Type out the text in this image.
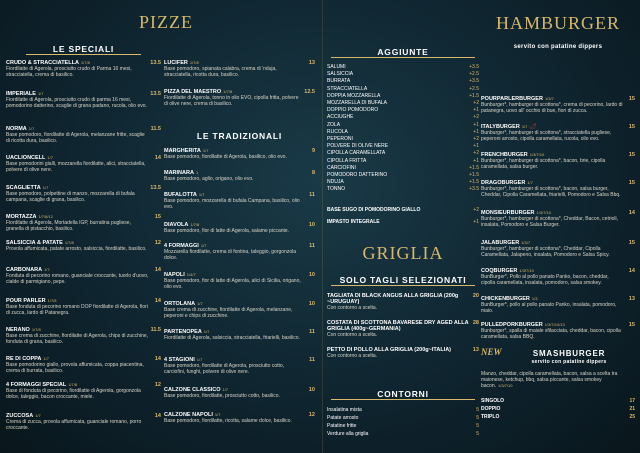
PIZZE
LE SPECIALI
CRUDO & STRACCIATELLA 1/7/8	13.5
Fiordilatte di Agerola, prosciutto crudo di Parma 16 mesi, stracciatella, crema di basilico.
IMPERIALE 1/7	13.5
Fiordilatte di Agerola, prosciutto crudo di parma 16 mesi, pomodorino datterino, scaglie di grana padano, rucola, olio evo.
NORMA 1/7	11.5
Base pomodoro, fiordilatte di Agerola, melanzane fritte, scaglie di ricotta dura, basilico.
UACLIONCELL 1/7	14
Base pomodorini gialli, mozzarella fiordilatte, alici, stracciatella, polvere di olive nere.
SCAGLIETTA 1/7	13.5
Base pomodoro, polpettine di manzo, mozzarella di bufala campana, scaglie di grana, basilico.
MORTAZZA 1/7/8/12	15
Fiordilatte di Agerola, Mortadella IGP, burratina pugliese, granella di pistacchio, basilico.
SALSICCIA & PATATE 1/7/8	12
Provola affumicata, patate arrosto, salsiccia, fiordilatte, basilico.
CARBONARA 1/7	14
Fonduta di pecorino romano, guanciale croccante, tuorlo d'uovo, cialde di parmigiano, pepe.
POUR PARLER 1/7/8	14
Base fonduta di pecorino romano DOP fiordilatte di Agerola, fiori di zucca, lardo di Patanegra.
NERANO 1/7/8	11.5
Base crema di zucchine, fiordilatte di Agerola, chips di zucchine, fonduta di grana, basilico.
RE DI COPPA 1/7	14
Base pomodorino giallo, provola affumicata, coppa piacentina, crema di burrata, basilico.
4 FORMAGGI SPECIAL 1/7/8	12
Base di fonduta di pecorino, fiordilatte di Agerola, gorgonzola dolce, taleggio, bacon croccante, miele.
ZUCCOSA 1/7	14
Crema di zucca, provola affumicata, guanciale romano, porro croccante.
LUCIFER 1/7/8	13
Base pomodoro, spianata calabra, crema di 'nduja, stracciatella, ricotta dura, basilico.
PIZZA DEL MAESTRO 1/7/8	12.5
Fiordilatte di Agerola, tonno in olio EVO, cipolla fritta, polvere di olive nere, crema di basilico.
LE TRADIZIONALI
MARGHERITA 1/7	9
Base pomodoro, fiordilatte di Agerola, basilico, olio evo.
MARINARA 1	8
Base pomodoro, aglio, origano, olio evo.
BUFALOTTA 1/7	11
Base pomodoro, mozzarella di bufala Campana, basilico, olio evo.
DIAVOLA 1/7/8	10
Base pomodoro, fior di latte di Agerola, salame piccante.
4 FORMAGGI 1/7	11
Mozzarella fiordilatte, crema di fontina, taleggio, gorgonzola dolce.
NAPOLI 1/4/7	10
Base pomodoro, fior di latte di Agerola, alici di Sicilia, origano, olio evo.
ORTOLANA 1/7	10
Base crema di zucchine, fiordilatte di Agerola, melanzane, peperoni e chips di zucchine.
PARTENOPEA 1/7	11
Fiordilatte di Agerola, salsiccia, stracciatella, friarielli, basilico.
4 STAGIONI 1/7	11
Base pomodoro, fiordilatte di Agerola, prosciutto cotto, carciofini, funghi, polvere di olive nere.
CALZONE CLASSICO 1/7	10
Base pomodoro, fiordilatte, prosciutto cotto, basilico.
CALZONE NAPOLI 1/7	12
Base pomodoro, fiordilatte, ricotta, salame dolce, basilico.
AGGIUNTE
SALUMI	+3.5
SALSICCIA	+2.5
BURRATA	+3.5
STRACCIATELLA	+2.5
DOPPIA MOZZARELLA	+1.5
MOZZARELLA DI BUFALA	+2
DOPPIO POMODORO	+1
ACCIUGHE	+2
ZOLA	+1
RUCOLA	+1
PEPERONI	+2
POLVERE DI OLIVE NERE	+1
CIPOLLA CARAMELLATA	+2
CIPOLLA FRITTA	+1
CARCIOFINI	+1.5
POMODORO DATTERINO	+1.5
NDUJA	+1.5
TONNO	+3.5
BASE SUGO DI POMODORINO GIALLO	+2
IMPASTO INTEGRALE	+1
GRIGLIA
SOLO TAGLI SELEZIONATI
TAGLIATA DI BLACK ANGUS ALLA GRIGLIA (200g ~URUGUAY)
20
Con contorno a scelta.
COSTATA DI SCOTTONA BAVARESE DRY AGED ALLA GRIGLIA (400g~GERMANIA)
28
Con contorno a scelta.
PETTO DI POLLO ALLA GRIGLIA (200g~ITALIA)	13
Con contorno a scelta.
CONTORNI
Insalatina mista	5
Patate arrosto	5
Patatine fritte	5
Verdure alla griglia	5
HAMBURGER
servito con patatine dippers
POURPARLERBURGER 1/3/7	15
Bunburger*, hamburger di scottona*, crema di pecorino, lardo di patanegra, uovo all' occhio di bue, fiori di zucca.
ITALYBURGER 1/7 🌶	15
Bunburger*, hamburger di scottona*, stracciatella pugliese, peperoni arrosto, cipolla caramellata, rucola, olio evo.
FRENCHBURGER 1/3/7/10	15
Bunburger*, hamburger di scottona*, bacon, brie, cipolla caramellata, salsa burger.
DRAGOBURGER 1/7	15
Bunburger*, hamburger di scottona*, bacon, salsa burger, Cheddar, Cipolla Caramellata, friarielli, Pomodoro e Salsa Bbq.
MONSIEURBURGER 1/3/7/10	14
Bunburger*, hamburger di scottona*, Cheddar, Bacon, cetrioli, insalata, Pomodoro e Salsa Burger.
JALABURGER 1/3/7	15
Bunburger*, hamburger di scottona*, Cheddar, Cipolla Caramellata, Jalapeno, insalata, Pomodoro e Salsa Spicy.
COQBURGER 1/3/7/10	14
BunBurger*, Pollo al pollo panato Panko, bacon, cheddar, cipolla caramellata, insalata, pomodoro, salsa smokey.
CHICKENBURGER 1/3	13
BunBurger*, pollo al pollo panato Panko, insalata, pomodoro, maio.
PULLEDPORKBURGER 1/3/7/10/13	15
Bunburger*, spalla di maiale sfilacciata, cheddar, bacon, cipolla caramellata, salsa BBQ.
NEW	SMASHBURGER
servito con patatine dippers
Manzo, cheddar, cipolla caramellata, bacon, salsa a scelta tra maionese, ketchup, bbq, salsa piccante, salsa smokey bacon. 1/3/7/10
SINGOLO	17
DOPPIO	21
TRIPLO	25
